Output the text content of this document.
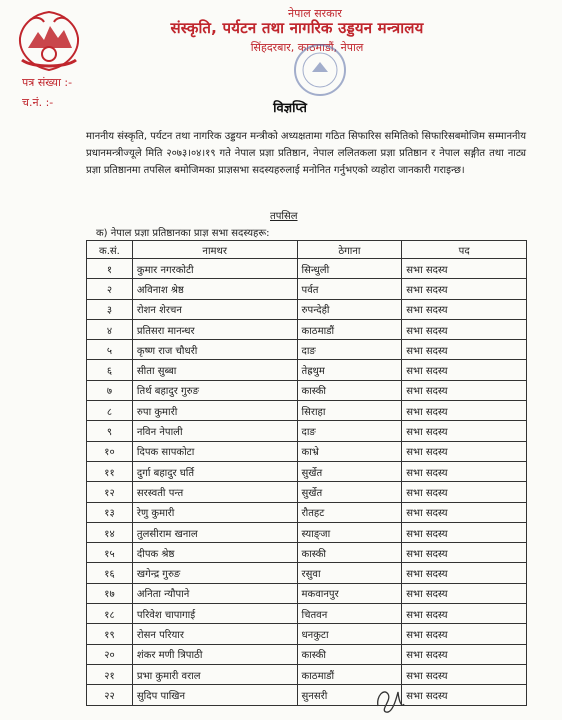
नेपाल सरकार
संस्कृति, पर्यटन तथा नागरिक उड्डयन मन्त्रालय
सिंहदरबार, काठमाडौं, नेपाल
पत्र संख्या :-
च.नं. :-	विज्ञप्ति

माननीय संस्कृति, पर्यटन तथा नागरिक उड्डयन मन्त्रीको अध्यक्षतामा गठित सिफारिस समितिको सिफारिसबमोजिम सम्माननीय प्रधानमन्त्रीज्यूले मिति २०७३।०४।१९ गते नेपाल प्रज्ञा प्रतिष्ठान, नेपाल ललितकला प्रज्ञा प्रतिष्ठान र नेपाल सङ्गीत तथा नाट्य प्रज्ञा प्रतिष्ठानमा तपसिल बमोजिमका प्राज्ञसभा सदस्यहरुलाई मनोनित गर्नुभएको व्यहोरा जानकारी गराइन्छ।

तपसिल
क) नेपाल प्रज्ञा प्रतिष्ठानका प्राज्ञ सभा सदस्यहरू:
क.सं.	नामथर	ठेगाना	पद
१	कुमार नगरकोटी	सिन्धुली	सभा सदस्य
२	अविनाश श्रेष्ठ	पर्वत	सभा सदस्य
३	रोशन शेरचन	रुपन्देही	सभा सदस्य
४	प्रतिसरा मानन्धर	काठमाडौं	सभा सदस्य
५	कृष्ण राज चौधरी	दाङ	सभा सदस्य
६	सीता सुब्बा	तेह्रथुम	सभा सदस्य
७	तिर्थ बहादुर गुरुङ	कास्की	सभा सदस्य
८	रुपा कुमारी	सिराहा	सभा सदस्य
९	नविन नेपाली	दाङ	सभा सदस्य
१०	दिपक सापकोटा	काभ्रे	सभा सदस्य
११	दुर्गा बहादुर घर्ति	सुर्खेत	सभा सदस्य
१२	सरस्वती पन्त	सुर्खेत	सभा सदस्य
१३	रेणु कुमारी	रौतहट	सभा सदस्य
१४	तुलसीराम खनाल	स्याङ्जा	सभा सदस्य
१५	दीपक श्रेष्ठ	कास्की	सभा सदस्य
१६	खगेन्द्र गुरुङ	रसुवा	सभा सदस्य
१७	अनिता न्यौपाने	मकवानपुर	सभा सदस्य
१८	परिवेश चापागाई	चितवन	सभा सदस्य
१९	रोसन परियार	धनकुटा	सभा सदस्य
२०	शंकर मणी त्रिपाठी	कास्की	सभा सदस्य
२१	प्रभा कुमारी वराल	काठमाडौं	सभा सदस्य
२२	सुदिप पाखिन	सुनसरी	सभा सदस्य
